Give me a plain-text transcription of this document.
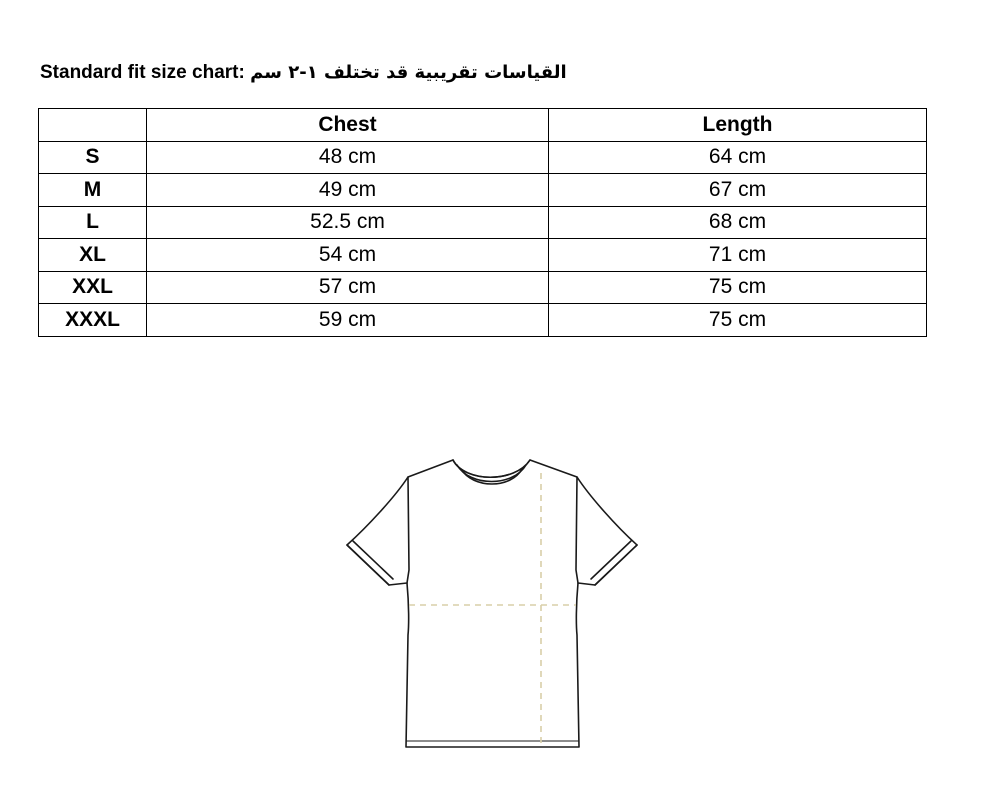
Standard fit size chart: القياسات تقريبية قد تختلف ١-٢ سم
	Chest	Length
S	48 cm	64 cm
M	49 cm	67 cm
L	52.5 cm	68 cm
XL	54 cm	71 cm
XXL	57 cm	75 cm
XXXL	59 cm	75 cm
